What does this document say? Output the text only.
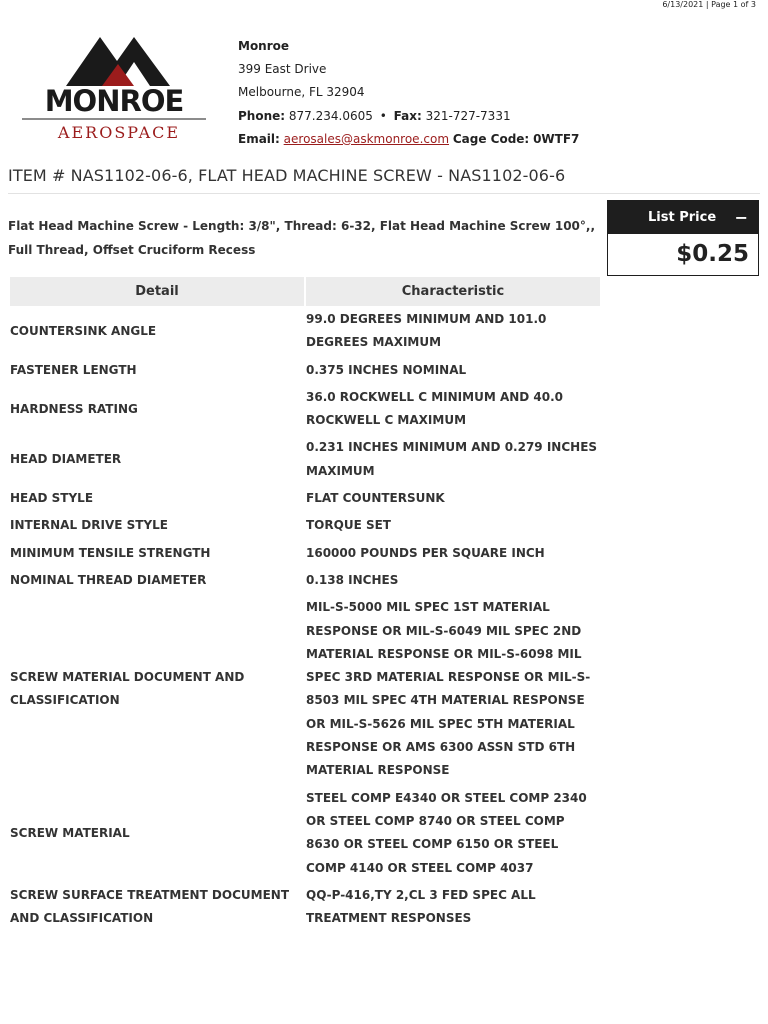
6/13/2021 | Page 1 of 3
MONROE
AEROSPACE
Monroe
399 East Drive
Melbourne, FL 32904
Phone: 877.234.0605 • Fax: 321-727-7331
Email: aerosales@askmonroe.com Cage Code: 0WTF7
ITEM # NAS1102-06-6, FLAT HEAD MACHINE SCREW - NAS1102-06-6
Flat Head Machine Screw - Length: 3/8", Thread: 6-32, Flat Head Machine Screw 100°,, Full Thread, Offset Cruciform Recess
List Price −
$0.25
Detail	Characteristic
COUNTERSINK ANGLE	99.0 DEGREES MINIMUM AND 101.0 DEGREES MAXIMUM
FASTENER LENGTH	0.375 INCHES NOMINAL
HARDNESS RATING	36.0 ROCKWELL C MINIMUM AND 40.0 ROCKWELL C MAXIMUM
HEAD DIAMETER	0.231 INCHES MINIMUM AND 0.279 INCHES MAXIMUM
HEAD STYLE	FLAT COUNTERSUNK
INTERNAL DRIVE STYLE	TORQUE SET
MINIMUM TENSILE STRENGTH	160000 POUNDS PER SQUARE INCH
NOMINAL THREAD DIAMETER	0.138 INCHES
SCREW MATERIAL DOCUMENT AND CLASSIFICATION	MIL-S-5000 MIL SPEC 1ST MATERIAL RESPONSE OR MIL-S-6049 MIL SPEC 2ND MATERIAL RESPONSE OR MIL-S-6098 MIL SPEC 3RD MATERIAL RESPONSE OR MIL-S-8503 MIL SPEC 4TH MATERIAL RESPONSE OR MIL-S-5626 MIL SPEC 5TH MATERIAL RESPONSE OR AMS 6300 ASSN STD 6TH MATERIAL RESPONSE
SCREW MATERIAL	STEEL COMP E4340 OR STEEL COMP 2340 OR STEEL COMP 8740 OR STEEL COMP 8630 OR STEEL COMP 6150 OR STEEL COMP 4140 OR STEEL COMP 4037
SCREW SURFACE TREATMENT DOCUMENT AND CLASSIFICATION	QQ-P-416,TY 2,CL 3 FED SPEC ALL TREATMENT RESPONSES
